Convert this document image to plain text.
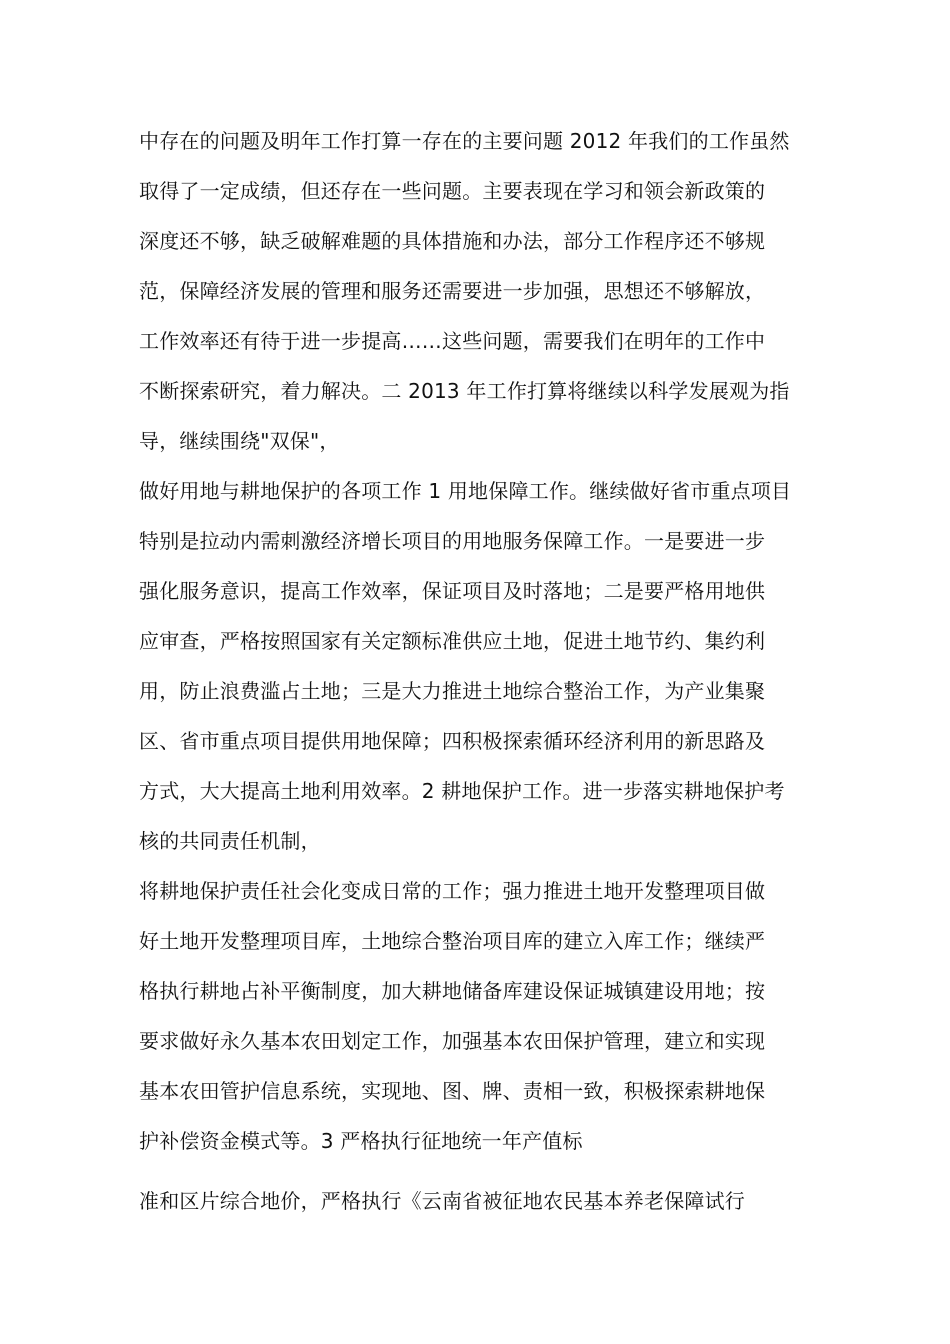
中存在的问题及明年工作打算一存在的主要问题 2012 年我们的工作虽然
取得了一定成绩，但还存在一些问题。主要表现在学习和领会新政策的
深度还不够，缺乏破解难题的具体措施和办法，部分工作程序还不够规
范，保障经济发展的管理和服务还需要进一步加强，思想还不够解放，
工作效率还有待于进一步提高……这些问题，需要我们在明年的工作中
不断探索研究，着力解决。二 2013 年工作打算将继续以科学发展观为指
导，继续围绕"双保"，
做好用地与耕地保护的各项工作 1 用地保障工作。继续做好省市重点项目
特别是拉动内需刺激经济增长项目的用地服务保障工作。一是要进一步
强化服务意识，提高工作效率，保证项目及时落地；二是要严格用地供
应审查，严格按照国家有关定额标准供应土地，促进土地节约、集约利
用，防止浪费滥占土地；三是大力推进土地综合整治工作，为产业集聚
区、省市重点项目提供用地保障；四积极探索循环经济利用的新思路及
方式，大大提高土地利用效率。2 耕地保护工作。进一步落实耕地保护考
核的共同责任机制，
将耕地保护责任社会化变成日常的工作；强力推进土地开发整理项目做
好土地开发整理项目库，土地综合整治项目库的建立入库工作；继续严
格执行耕地占补平衡制度，加大耕地储备库建设保证城镇建设用地；按
要求做好永久基本农田划定工作，加强基本农田保护管理，建立和实现
基本农田管护信息系统，实现地、图、牌、责相一致，积极探索耕地保
护补偿资金模式等。3 严格执行征地统一年产值标
准和区片综合地价，严格执行《云南省被征地农民基本养老保障试行
